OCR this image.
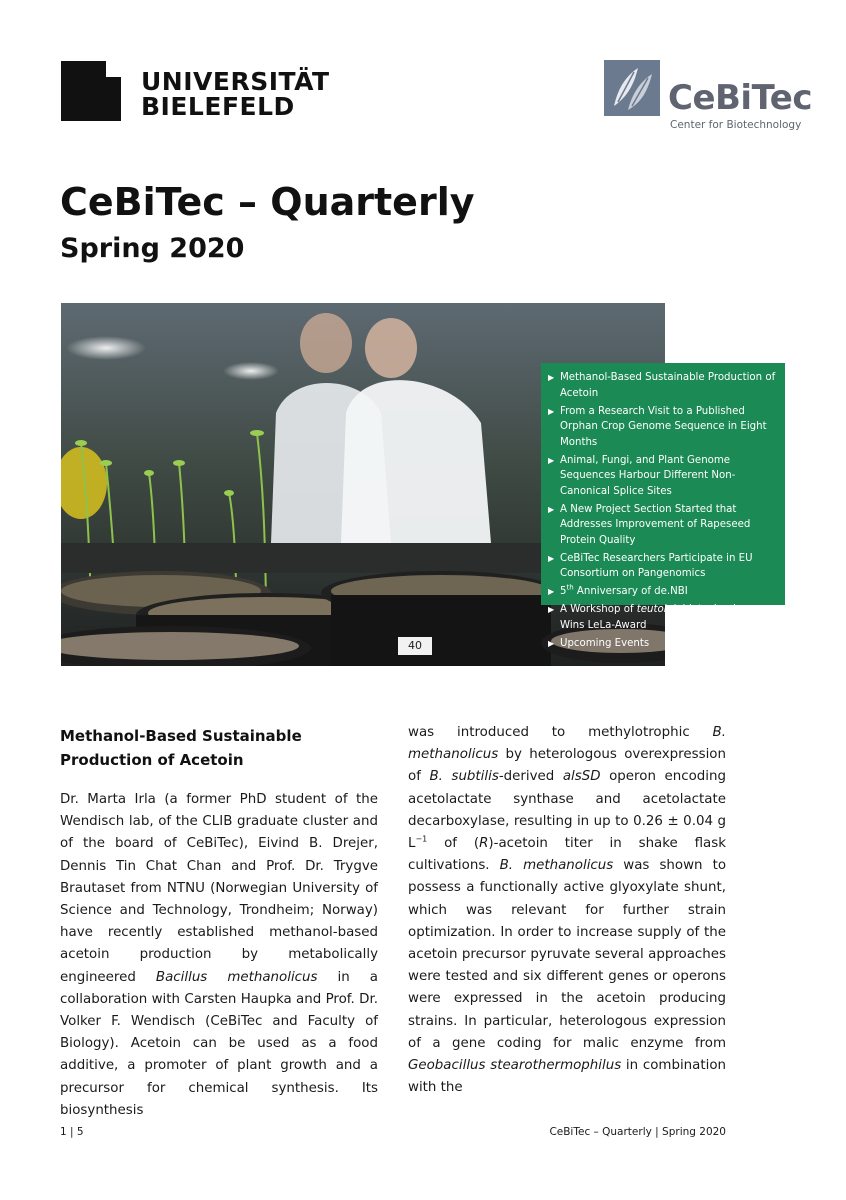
UNIVERSITÄT
BIELEFELD	CeBiTec
Center for Biotechnology
CeBiTec – Quarterly
Spring 2020
40
▶ Methanol-Based Sustainable Production of Acetoin
▶ From a Research Visit to a Published Orphan Crop Genome Sequence in Eight Months
▶ Animal, Fungi, and Plant Genome Sequences Harbour Different Non-Canonical Splice Sites
▶ A New Project Section Started that Addresses Improvement of Rapeseed Protein Quality
▶ CeBiTec Researchers Participate in EU Consortium on Pangenomics
▶ 5th Anniversary of de.NBI
▶ A Workshop of teutolab biotechnology Wins LeLa-Award
▶ Upcoming Events
Methanol-Based Sustainable Production of Acetoin
Dr. Marta Irla (a former PhD student of the Wendisch lab, of the CLIB graduate cluster and of the board of CeBiTec), Eivind B. Drejer, Dennis Tin Chat Chan and Prof. Dr. Trygve Brautaset from NTNU (Norwegian University of Science and Technology, Trondheim; Norway) have recently established methanol-based acetoin production by metabolically engineered Bacillus methanolicus in a collaboration with Carsten Haupka and Prof. Dr. Volker F. Wendisch (CeBiTec and Faculty of Biology). Acetoin can be used as a food additive, a promoter of plant growth and a precursor for chemical synthesis. Its biosynthesis
was introduced to methylotrophic B. methanolicus by heterologous overexpression of B. subtilis-derived alsSD operon encoding acetolactate synthase and acetolactate decarboxylase, resulting in up to 0.26 ± 0.04 g $L^{-1}$ of (R)-acetoin titer in shake flask cultivations. B. methanolicus was shown to possess a functionally active glyoxylate shunt, which was relevant for further strain optimization. In order to increase supply of the acetoin precursor pyruvate several approaches were tested and six different genes or operons were expressed in the acetoin producing strains. In particular, heterologous expression of a gene coding for malic enzyme from Geobacillus stearothermophilus in combination with the
1 | 5	CeBiTec – Quarterly | Spring 2020
